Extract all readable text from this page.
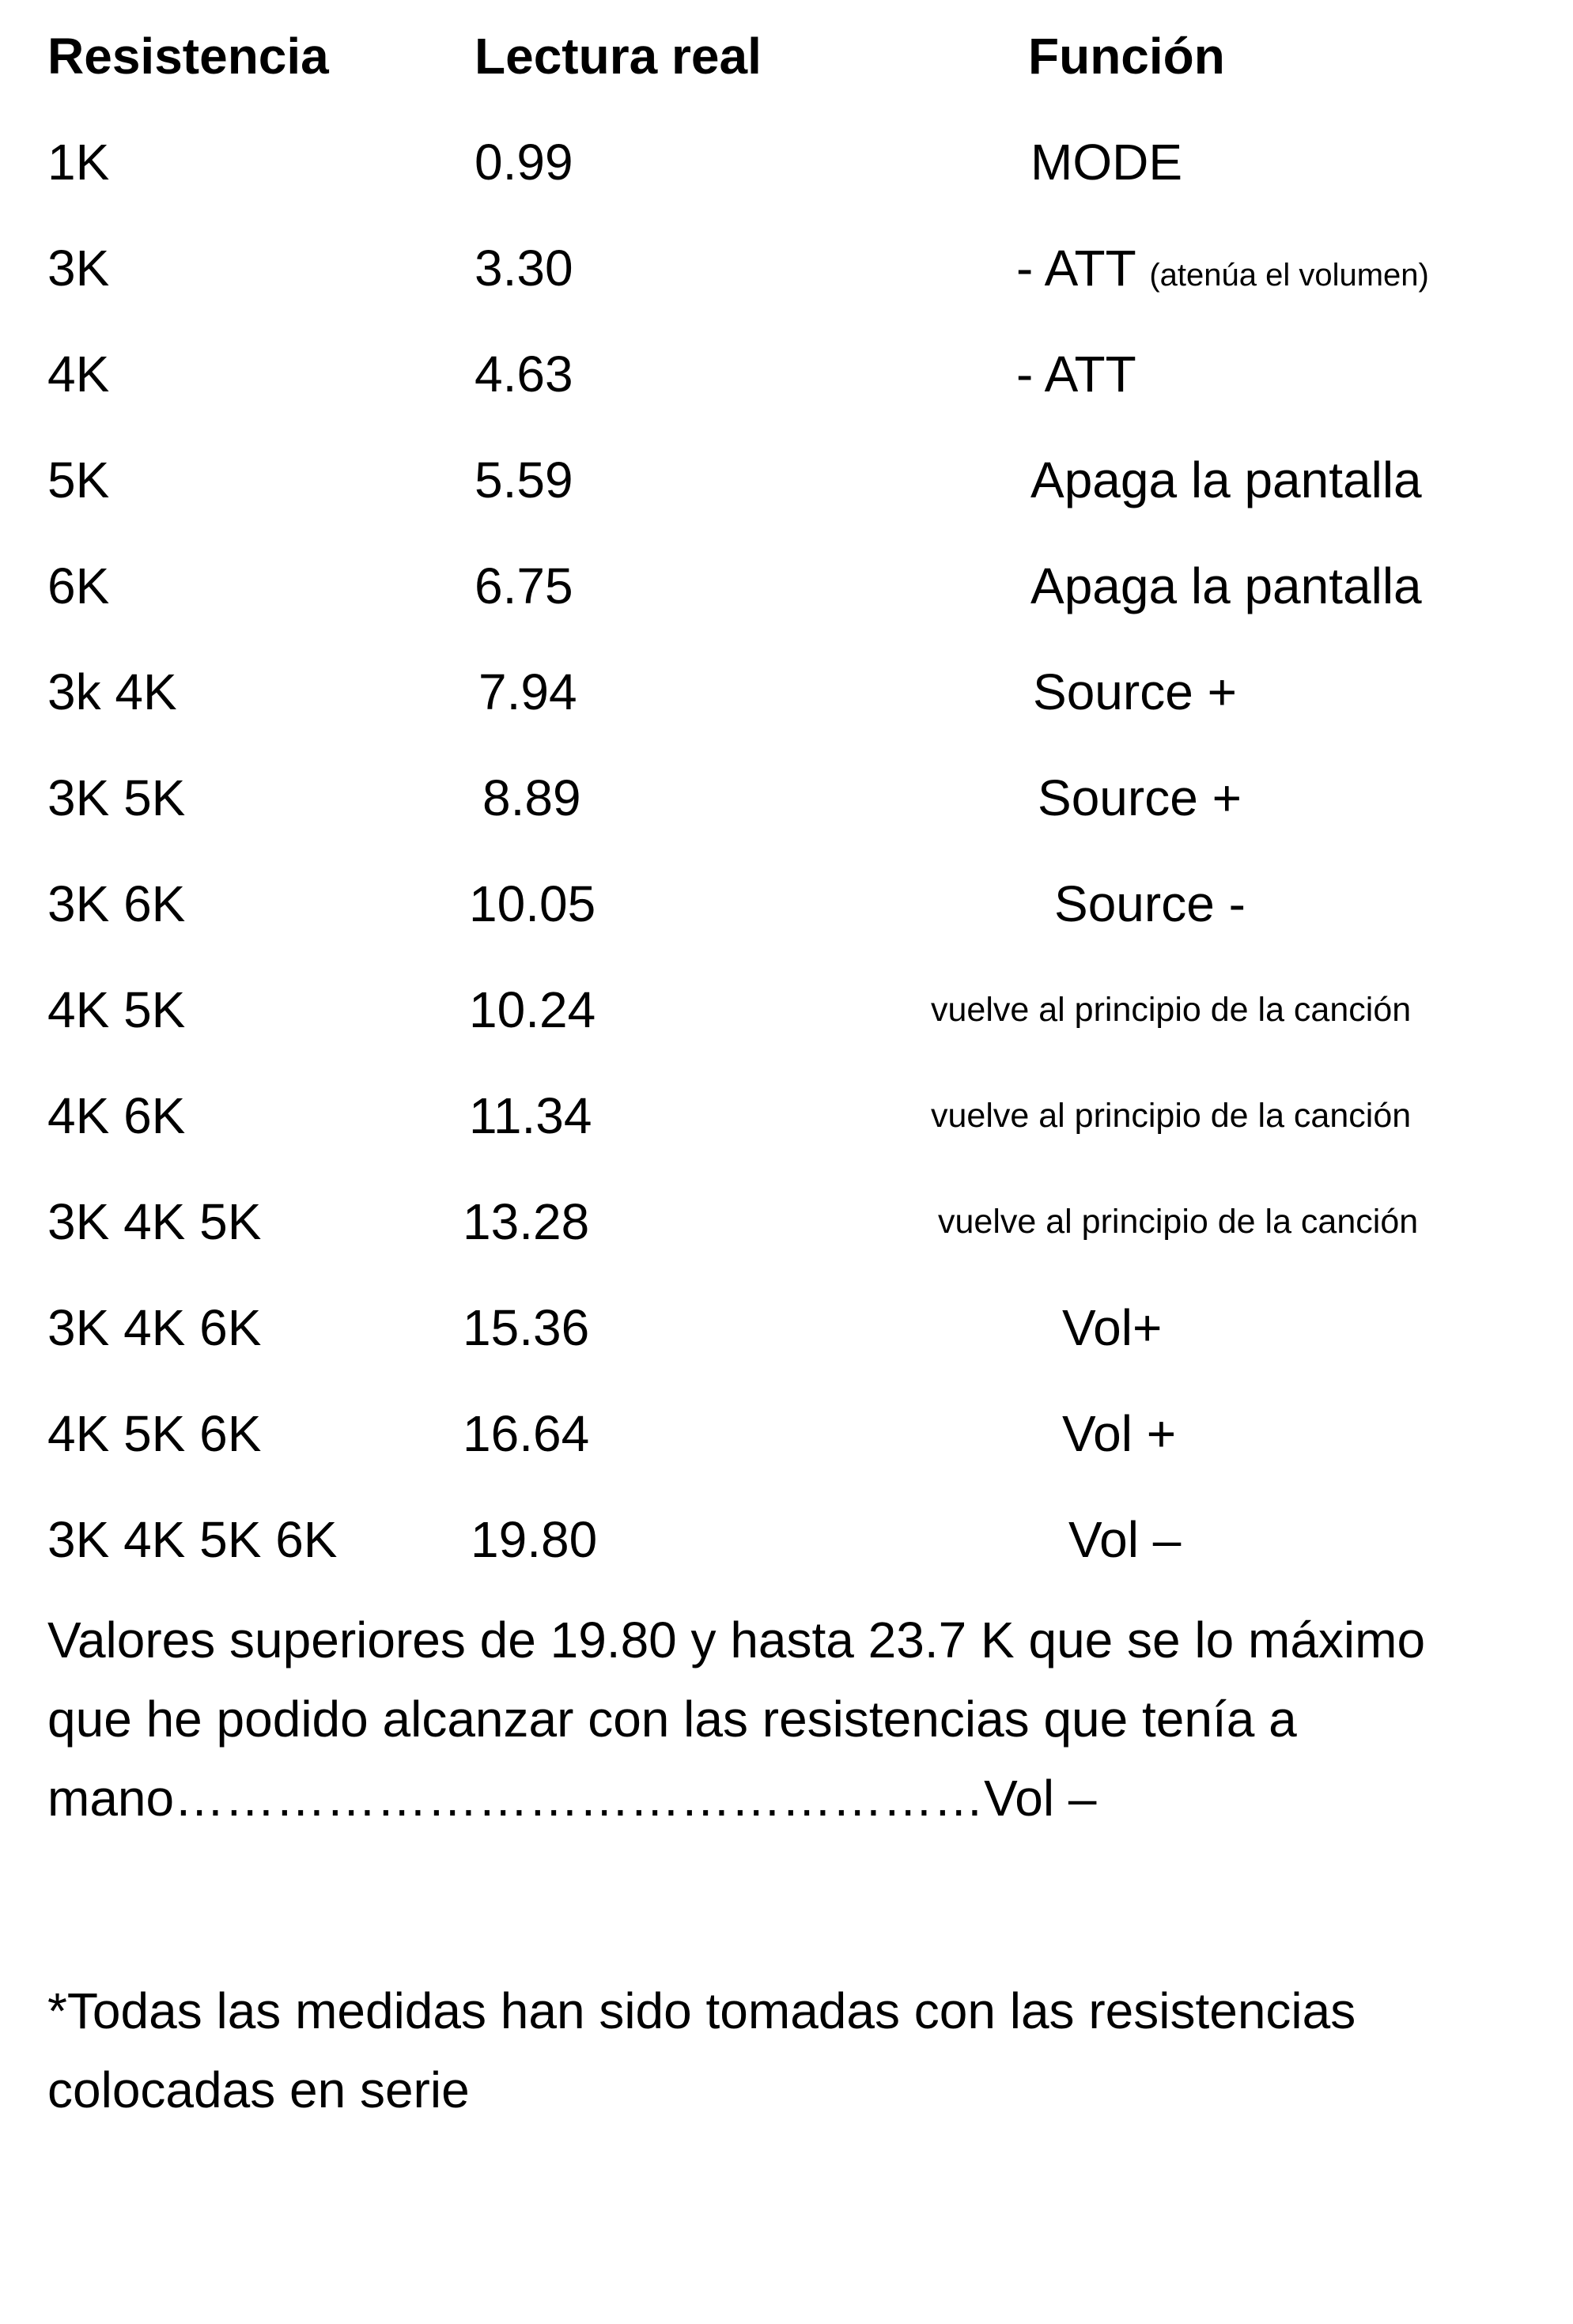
Resistencia	Lectura real	Función
1K	0.99	MODE
3K	3.30	- ATT (atenúa el volumen)
4K	4.63	- ATT
5K	5.59	Apaga la pantalla
6K	6.75	Apaga la pantalla
3k 4K	7.94	Source +
3K 5K	8.89	Source +
3K 6K	10.05	Source -
4K 5K	10.24	vuelve al principio de la canción
4K 6K	11.34	vuelve al principio de la canción
3K 4K 5K	13.28	vuelve al principio de la canción
3K 4K 6K	15.36	Vol+
4K 5K 6K	16.64	Vol +
3K 4K 5K 6K	19.80	Vol –
Valores superiores de 19.80 y hasta 23.7 K que se lo máximo que he podido alcanzar con las resistencias que tenía a mano…………………………………………Vol –
*Todas las medidas han sido tomadas con las resistencias colocadas en serie
